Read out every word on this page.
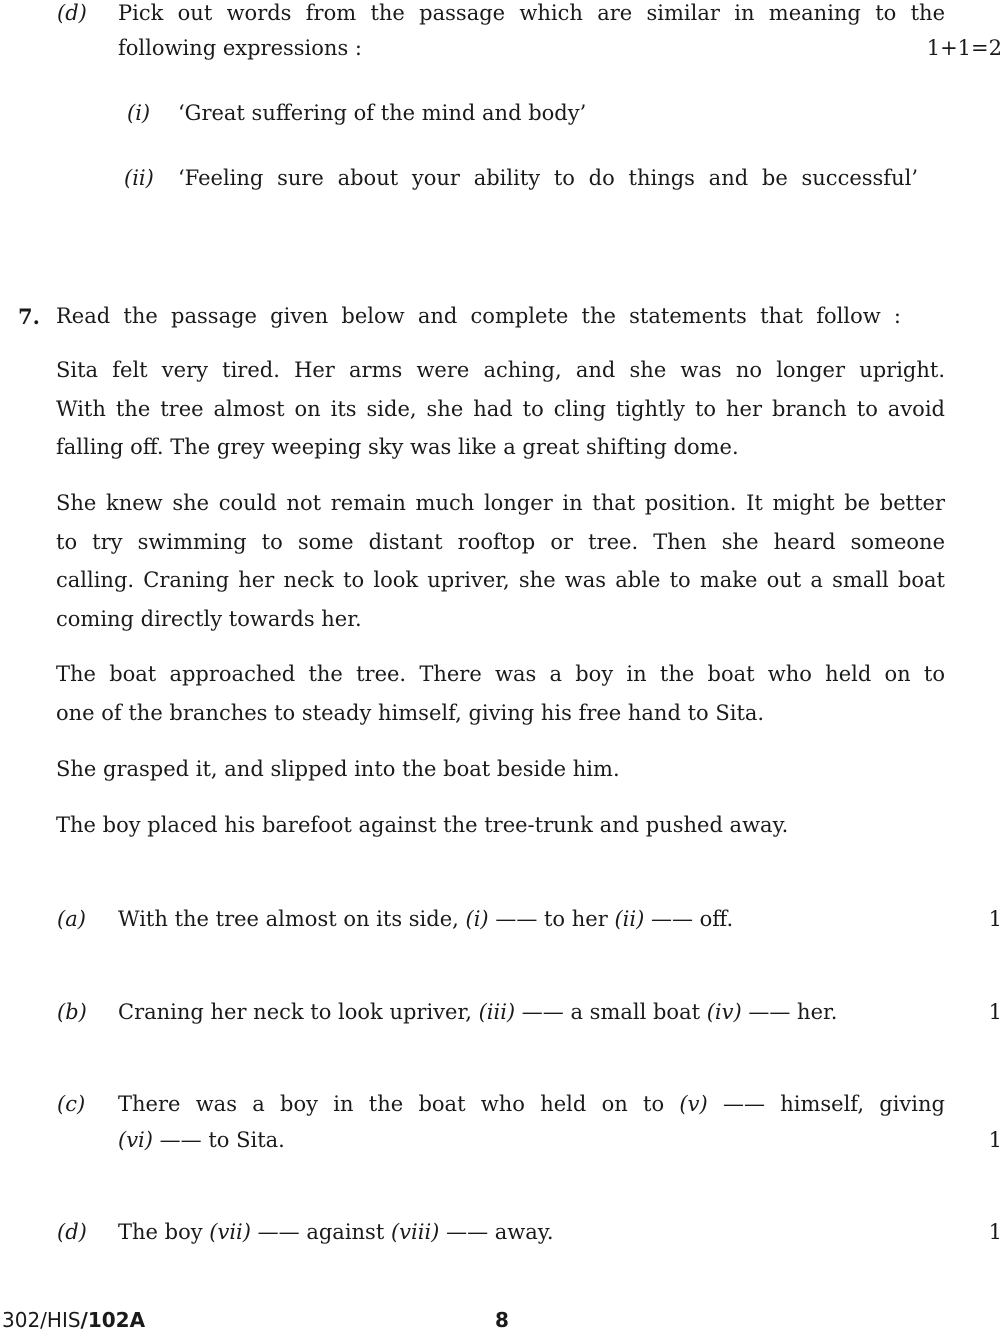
(d) Pick out words from the passage which are similar in meaning to the
following expressions :	1+1=2
(i) ‘Great suffering of the mind and body’
(ii) ‘Feeling sure about your ability to do things and be successful’
7. Read the passage given below and complete the statements that follow :
Sita felt very tired. Her arms were aching, and she was no longer upright.
With the tree almost on its side, she had to cling tightly to her branch to avoid
falling off. The grey weeping sky was like a great shifting dome.
She knew she could not remain much longer in that position. It might be better
to try swimming to some distant rooftop or tree. Then she heard someone
calling. Craning her neck to look upriver, she was able to make out a small boat
coming directly towards her.
The boat approached the tree. There was a boy in the boat who held on to
one of the branches to steady himself, giving his free hand to Sita.
She grasped it, and slipped into the boat beside him.
The boy placed his barefoot against the tree-trunk and pushed away.
(a) With the tree almost on its side, (i) —— to her (ii) —— off.	1
(b) Craning her neck to look upriver, (iii) —— a small boat (iv) —— her.	1
(c) There was a boy in the boat who held on to (v) —— himself, giving
(vi) —— to Sita.	1
(d) The boy (vii) —— against (viii) —— away.	1
302/HIS/102A	8
